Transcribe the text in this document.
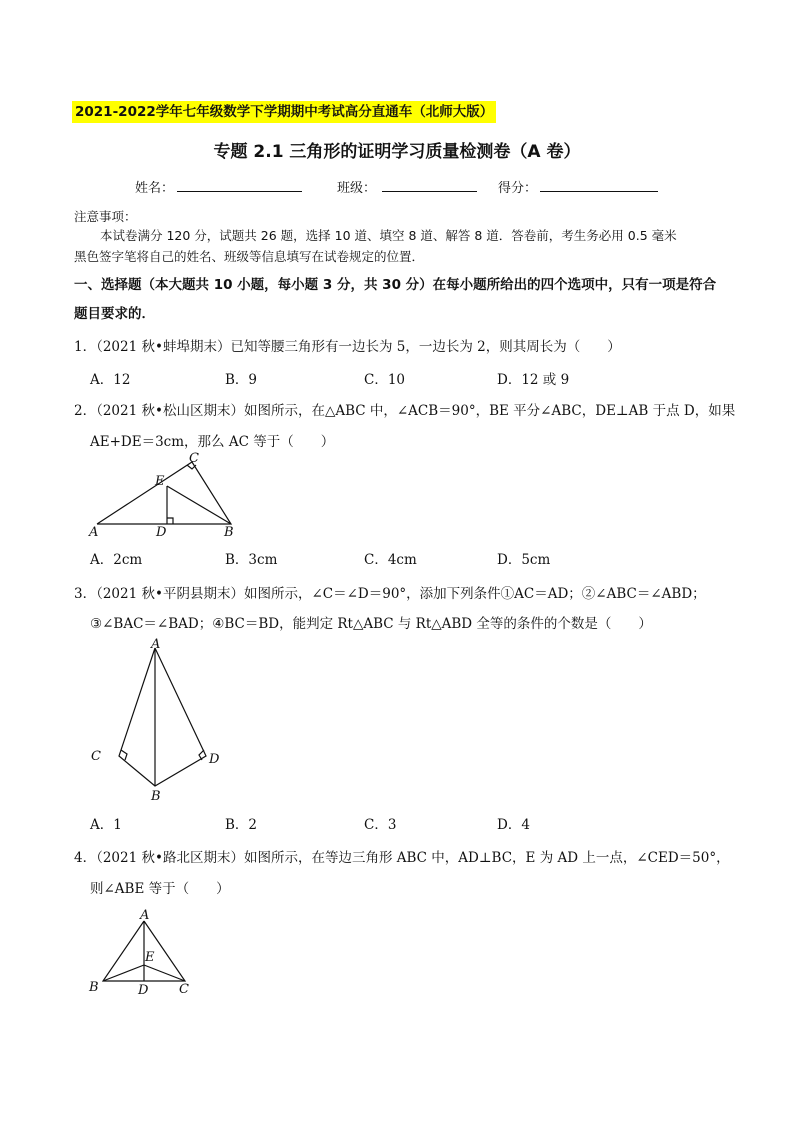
2021-2022学年七年级数学下学期期中考试高分直通车（北师大版）
专题 2.1 三角形的证明学习质量检测卷（A 卷）
姓名：	班级：	得分：
注意事项：
本试卷满分 120 分，试题共 26 题，选择 10 道、填空 8 道、解答 8 道．答卷前，考生务必用 0.5 毫米
黑色签字笔将自己的姓名、班级等信息填写在试卷规定的位置．
一、选择题（本大题共 10 小题，每小题 3 分，共 30 分）在每小题所给出的四个选项中，只有一项是符合
题目要求的．
1．（2021 秋•蚌埠期末）已知等腰三角形有一边长为 5，一边长为 2，则其周长为（　　）
A．12	B．9	C．10	D．12 或 9
2．（2021 秋•松山区期末）如图所示，在△ABC 中，∠ACB＝90°，BE 平分∠ABC，DE⊥AB 于点 D，如果
AE+DE＝3cm，那么 AC 等于（　　）
C
E
A	D	B
A．2cm	B．3cm	C．4cm	D．5cm
3．（2021 秋•平阴县期末）如图所示，∠C＝∠D＝90°，添加下列条件①AC＝AD；②∠ABC＝∠ABD；
③∠BAC＝∠BAD；④BC＝BD，能判定 Rt△ABC 与 Rt△ABD 全等的条件的个数是（　　）
A
C	D
B
A．1	B．2	C．3	D．4
4．（2021 秋•路北区期末）如图所示，在等边三角形 ABC 中，AD⊥BC，E 为 AD 上一点，∠CED＝50°，
则∠ABE 等于（　　）
A
E
B	D C
